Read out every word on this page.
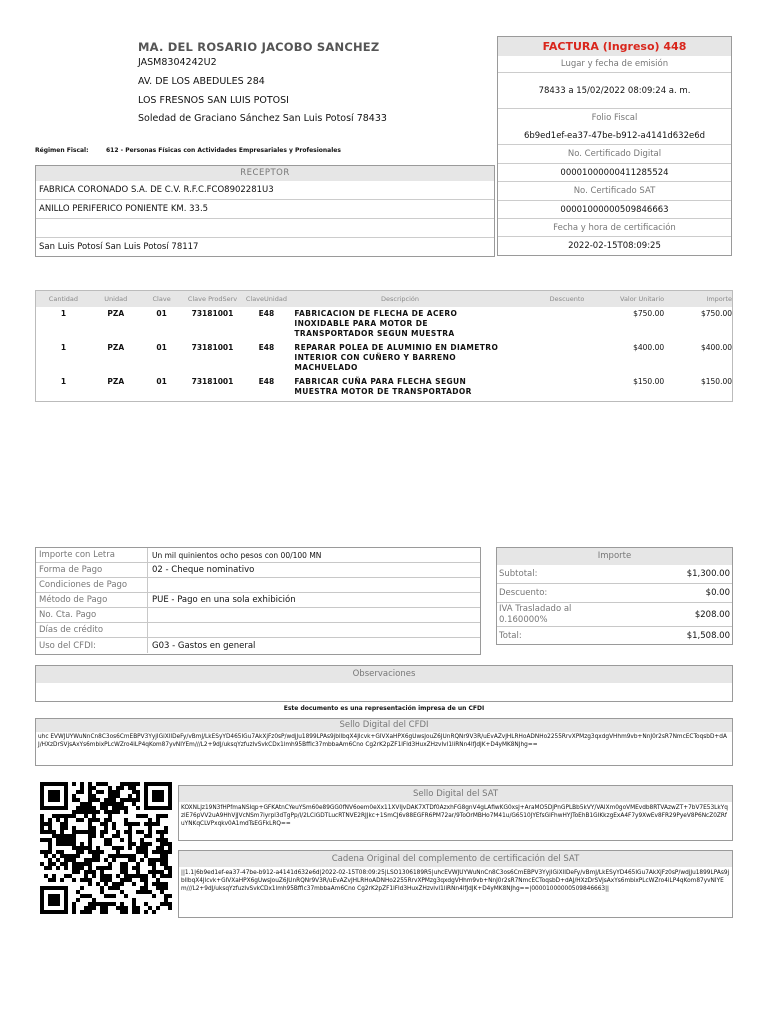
MA. DEL ROSARIO JACOBO SANCHEZ
JASM8304242U2
AV. DE LOS ABEDULES 284
LOS FRESNOS SAN LUIS POTOSI
Soledad de Graciano Sánchez San Luis Potosí 78433
Régimen Fiscal:	612 - Personas Físicas con Actividades Empresariales y Profesionales
FACTURA (Ingreso) 448
Lugar y fecha de emisión
78433 a 15/02/2022 08:09:24 a. m.
Folio Fiscal
6b9ed1ef-ea37-47be-b912-a4141d632e6d
No. Certificado Digital
00001000000411285524
No. Certificado SAT
00001000000509846663
Fecha y hora de certificación
2022-02-15T08:09:25
RECEPTOR
FABRICA CORONADO S.A. DE C.V. R.F.C.FCO8902281U3
ANILLO PERIFERICO PONIENTE KM. 33.5
San Luis Potosí San Luis Potosí 78117
Cantidad	Unidad	Clave	Clave ProdServ	ClaveUnidad	Descripción	Descuento	Valor Unitario	Importe
1	PZA	01	73181001	E48	FABRICACION DE FLECHA DE ACERO INOXIDABLE PARA MOTOR DE TRANSPORTADOR SEGUN MUESTRA		$750.00	$750.00
1	PZA	01	73181001	E48	REPARAR POLEA DE ALUMINIO EN DIAMETRO INTERIOR CON CUÑERO Y BARRENO MACHUELADO		$400.00	$400.00
1	PZA	01	73181001	E48	FABRICAR CUÑA PARA FLECHA SEGUN MUESTRA MOTOR DE TRANSPORTADOR		$150.00	$150.00
Importe con Letra	Un mil quinientos ocho pesos con 00/100 MN
Forma de Pago	02 - Cheque nominativo
Condiciones de Pago
Método de Pago	PUE - Pago en una sola exhibición
No. Cta. Pago
Días de crédito
Uso del CFDI:	G03 - Gastos en general
Importe
Subtotal:	$1,300.00
Descuento:	$0.00
IVA Trasladado al 0.160000%	$208.00
Total:	$1,508.00
Observaciones
Este documento es una representación impresa de un CFDI
Sello Digital del CFDI
uhc EVWJUYWuNnCn8C3os6CmEBPV3YyjIGiXIIDeFy/vBmJ/LkESyYD465IGu7AkXjFz0sP/wdjJu1899LPAs9jbllbqX4Jlcvk+GIVXaHPX6gUwsJouZ6JUnRQNr9V3R/uEvAZvJHLRHoADNHo2255RrvXPMzg3qxdgVHhm9vb+NnJ0r2sR7NmcECToqsbD+dAJ/HXzDrSVjsAxYs6mbixPLcWZro4iLP4qKom87yvNIYEm///L2+9dJ/uksqYzfuzIvSvkCDx1lmh95BffIc37mbbaAm6Cno Cg2rK2pZF1lFld3HuxZHzvIvI1liRNn4lfJdJK+D4yMK8NJhg==
Sello Digital del SAT
KOXNLJz19N3fHPfmaNSIqp+GFKAtnCYeuYSm60e89GG0fNV6oem0eXx11XVIJvDAK7XTDf0AzxhFG8gnV4gLAfiwKG0xsJ+AraMO5DjPnGPLBb5kVY/VAIXm0goVMEvdb8RTVAzwZT+7bV7E53LkYqzlE76pVV2uA9HhVjJVcNSm7iyrpl3dTgPp/l/2LCiGDTLucRTNVE2RJJkc+1SmCJ6v88EGFR6PM72ar/9ToOrMBHo7M41u/G6510JYEfsGiFhwHYJToEhB1GIKkzgExA4F7y9XwEv8FR29PyeV8P6NcZ0ZRfuYNKqCLVPxqkv0A1mdTsEGFkLRQ==
Cadena Original del complemento de certificación del SAT
||1.1|6b9ed1ef-ea37-47be-b912-a4141d632e6d|2022-02-15T08:09:25|LSO1306189R5|uhcEVWJUYWuNnCn8C3os6CmEBPV3YyjIGiXIIDeFy/vBmJ/LkESyYD465IGu7AkXjFz0sP/wdjJu1899LPAs9jbllbqX4Jlcvk+GIVXaHPX6gUwsJouZ6JUnRQNr9V3R/uEvAZvJHLRHoADNHo2255RrvXPMzg3qxdgVHhm9vb+NnJ0r2sR7NmcECToqsbD+dAJ/HXzDrSVjsAxYs6mbixPLcWZro4iLP4qKom87yvNIYEm///L2+9dJ/uksqYzfuzIvSvkCDx1lmh95BffIc37mbbaAm6Cno Cg2rK2pZF1lFld3HuxZHzvIvI1liRNn4lfJdJK+D4yMK8NJhg==|00001000000509846663||
